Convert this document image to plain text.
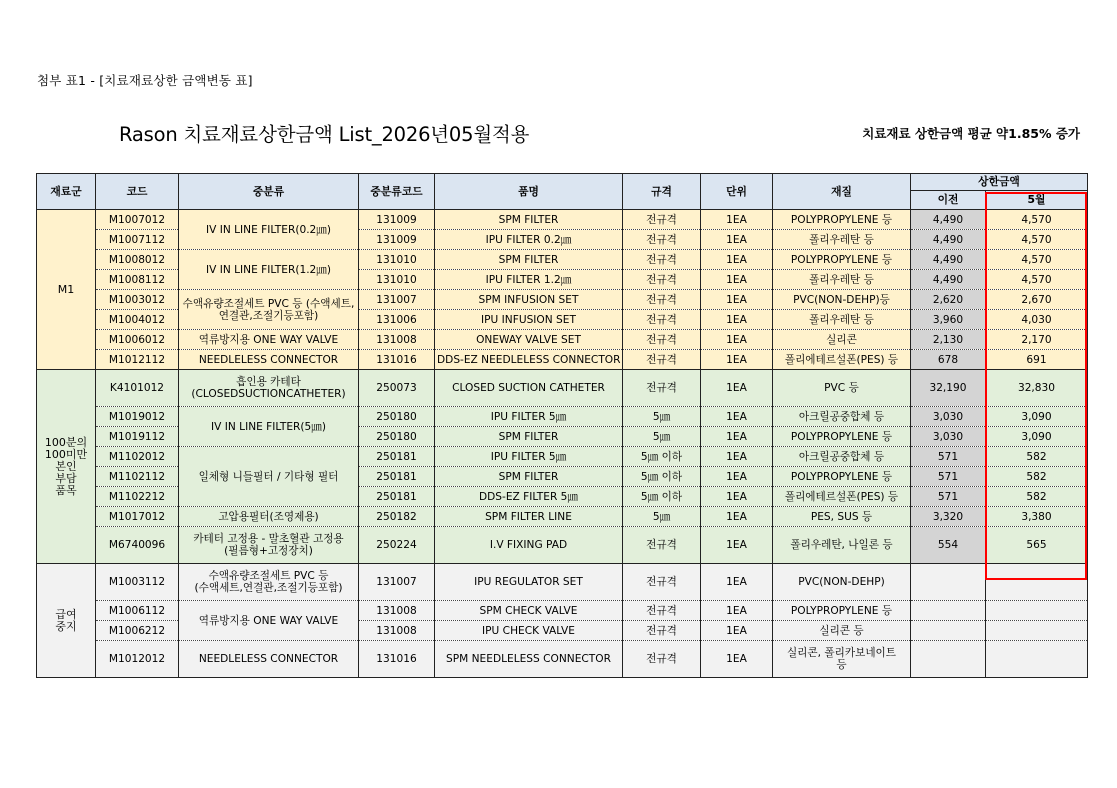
첨부 표1 - [치료재료상한 금액변동 표]
Rason 치료재료상한금액 List_2026년05월적용	치료재료 상한금액 평균 약1.85% 증가
재료군	코드	중분류	중분류코드	품명	규격	단위	재질	상한금액	
								이전	5월
M1	M1007012	IV IN LINE FILTER(0.2㎛)	131009	SPM FILTER	전규격	1EA	POLYPROPYLENE 등	4,490	4,570
	M1007112		131009	IPU FILTER 0.2㎛	전규격	1EA	폴리우레탄 등	4,490	4,570
	M1008012	IV IN LINE FILTER(1.2㎛)	131010	SPM FILTER	전규격	1EA	POLYPROPYLENE 등	4,490	4,570
	M1008112		131010	IPU FILTER 1.2㎛	전규격	1EA	폴리우레탄 등	4,490	4,570
	M1003012	수액유량조절세트 PVC 등 (수액세트,연결관,조절기등포함)	131007	SPM INFUSION SET	전규격	1EA	PVC(NON-DEHP)등	2,620	2,670
	M1004012		131006	IPU INFUSION SET	전규격	1EA	폴리우레탄 등	3,960	4,030
	M1006012	역류방지용 ONE WAY VALVE	131008	ONEWAY VALVE SET	전규격	1EA	실리콘	2,130	2,170
	M1012112	NEEDLELESS CONNECTOR	131016	DDS-EZ NEEDLELESS CONNECTOR	전규격	1EA	폴리에테르설폰(PES) 등	678	691
100분의
100미만
본인
부담
품목	K4101012	흡인용 카테타
(CLOSEDSUCTIONCATHETER)	250073	CLOSED SUCTION CATHETER	전규격	1EA	PVC 등	32,190	32,830
	M1019012	IV IN LINE FILTER(5㎛)	250180	IPU FILTER 5㎛	5㎛	1EA	아크릴공중합체 등	3,030	3,090
	M1019112		250180	SPM FILTER	5㎛	1EA	POLYPROPYLENE 등	3,030	3,090
	M1102012	일체형 니들필터 / 기타형 필터	250181	IPU FILTER 5㎛	5㎛ 이하	1EA	아크릴공중합체 등	571	582
	M1102112		250181	SPM FILTER	5㎛ 이하	1EA	POLYPROPYLENE 등	571	582
	M1102212		250181	DDS-EZ FILTER 5㎛	5㎛ 이하	1EA	폴리에테르설폰(PES) 등	571	582
	M1017012	고압용필터(조영제용)	250182	SPM FILTER LINE	5㎛	1EA	PES, SUS 등	3,320	3,380
	M6740096	카테터 고정용 - 말초혈관 고정용
(필름형+고정장치)	250224	I.V FIXING PAD	전규격	1EA	폴리우레탄, 나일론 등	554	565
급여
중지	M1003112	수액유량조절세트 PVC 등
(수액세트,연결관,조절기등포함)	131007	IPU REGULATOR SET	전규격	1EA	PVC(NON-DEHP)		
	M1006112	역류방지용 ONE WAY VALVE	131008	SPM CHECK VALVE	전규격	1EA	POLYPROPYLENE 등		
	M1006212		131008	IPU CHECK VALVE	전규격	1EA	실리콘 등		
	M1012012	NEEDLELESS CONNECTOR	131016	SPM NEEDLELESS CONNECTOR	전규격	1EA	실리콘, 폴리카보네이트
등		
